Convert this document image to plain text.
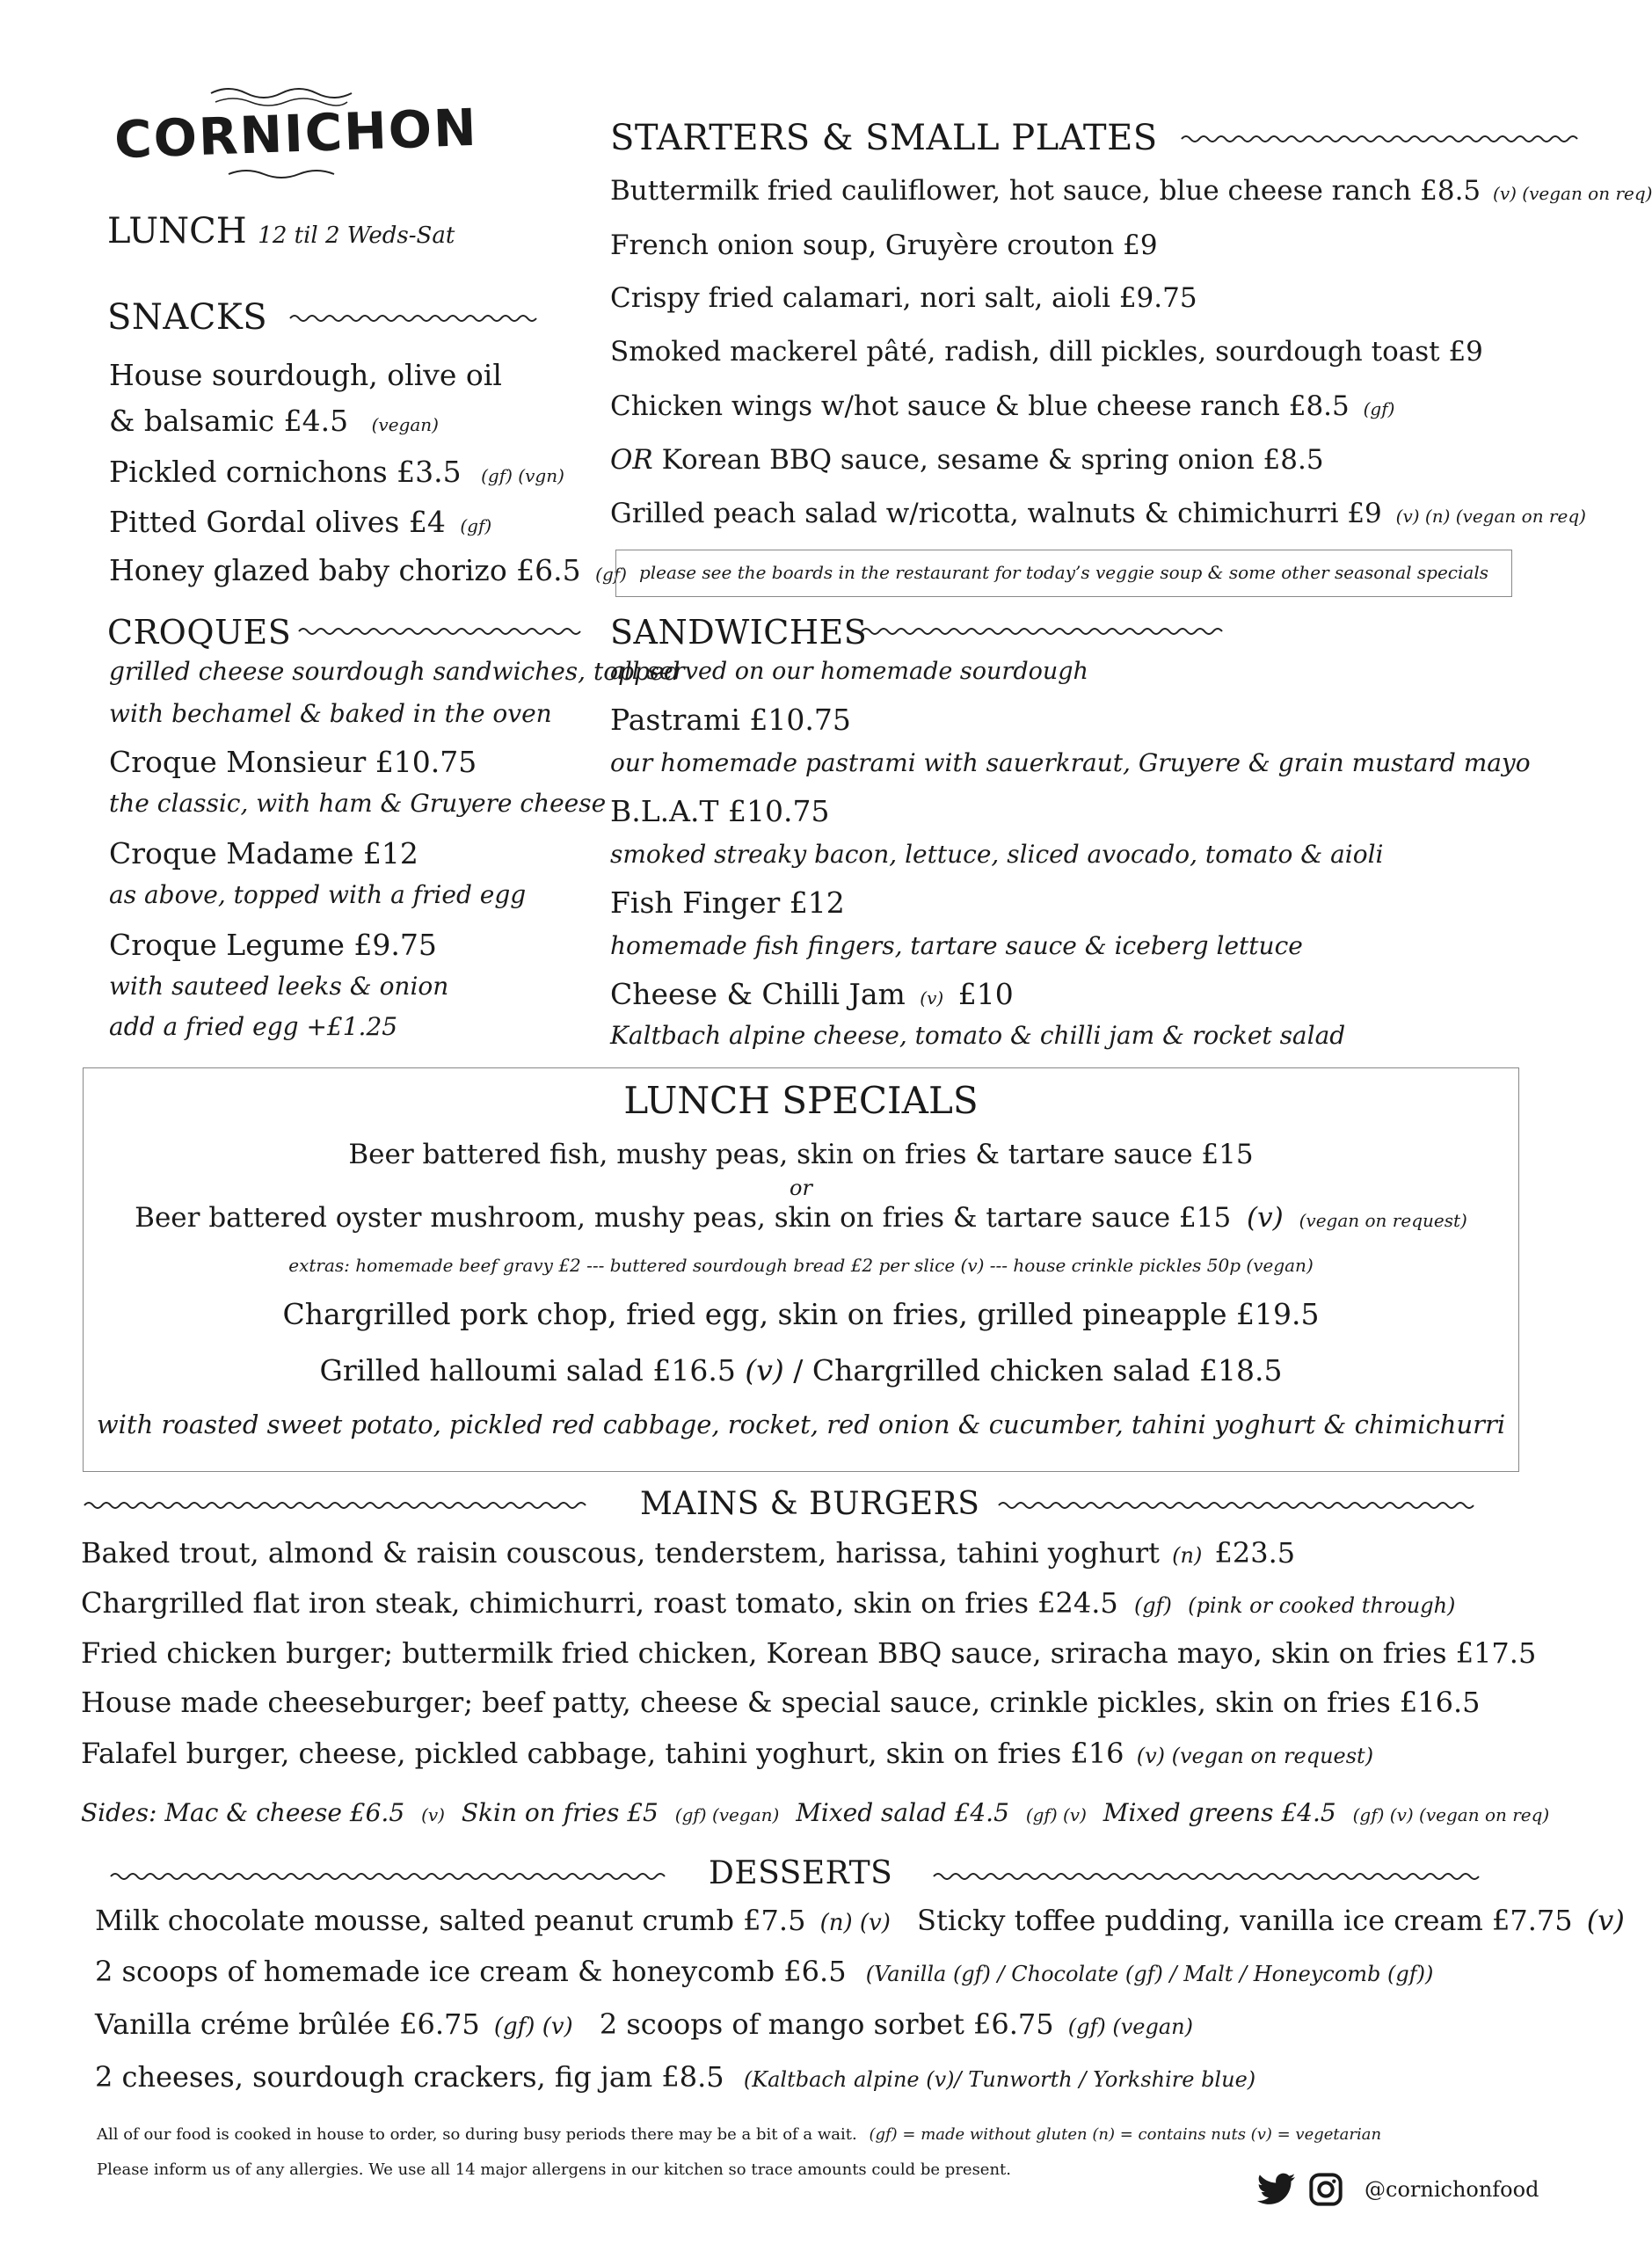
CORNICHON
LUNCH 12 til 2 Weds-Sat
SNACKS
House sourdough, olive oil
& balsamic £4.5 (vegan)
Pickled cornichons £3.5 (gf) (vgn)
Pitted Gordal olives £4 (gf)
Honey glazed baby chorizo £6.5 (gf)
CROQUES
grilled cheese sourdough sandwiches, topped
with bechamel & baked in the oven
Croque Monsieur £10.75
the classic, with ham & Gruyere cheese
Croque Madame £12
as above, topped with a fried egg
Croque Legume £9.75
with sauteed leeks & onion
add a fried egg +£1.25
STARTERS & SMALL PLATES
Buttermilk fried cauliflower, hot sauce, blue cheese ranch £8.5 (v) (vegan on req)
French onion soup, Gruyère crouton £9
Crispy fried calamari, nori salt, aioli £9.75
Smoked mackerel pâté, radish, dill pickles, sourdough toast £9
Chicken wings w/hot sauce & blue cheese ranch £8.5 (gf)
OR Korean BBQ sauce, sesame & spring onion £8.5
Grilled peach salad w/ricotta, walnuts & chimichurri £9 (v) (n) (vegan on req)
please see the boards in the restaurant for today’s veggie soup & some other seasonal specials
SANDWICHES
all served on our homemade sourdough
Pastrami £10.75
our homemade pastrami with sauerkraut, Gruyere & grain mustard mayo
B.L.A.T £10.75
smoked streaky bacon, lettuce, sliced avocado, tomato & aioli
Fish Finger £12
homemade fish fingers, tartare sauce & iceberg lettuce
Cheese & Chilli Jam (v) £10
Kaltbach alpine cheese, tomato & chilli jam & rocket salad
LUNCH SPECIALS
Beer battered fish, mushy peas, skin on fries & tartare sauce £15
or
Beer battered oyster mushroom, mushy peas, skin on fries & tartare sauce £15 (v) (vegan on request)
extras: homemade beef gravy £2 --- buttered sourdough bread £2 per slice (v) --- house crinkle pickles 50p (vegan)
Chargrilled pork chop, fried egg, skin on fries, grilled pineapple £19.5
Grilled halloumi salad £16.5 (v) / Chargrilled chicken salad £18.5
with roasted sweet potato, pickled red cabbage, rocket, red onion & cucumber, tahini yoghurt & chimichurri
MAINS & BURGERS
Baked trout, almond & raisin couscous, tenderstem, harissa, tahini yoghurt (n) £23.5
Chargrilled flat iron steak, chimichurri, roast tomato, skin on fries £24.5 (gf) (pink or cooked through)
Fried chicken burger; buttermilk fried chicken, Korean BBQ sauce, sriracha mayo, skin on fries £17.5
House made cheeseburger; beef patty, cheese & special sauce, crinkle pickles, skin on fries £16.5
Falafel burger, cheese, pickled cabbage, tahini yoghurt, skin on fries £16 (v) (vegan on request)
Sides: Mac & cheese £6.5 (v) Skin on fries £5 (gf) (vegan) Mixed salad £4.5 (gf) (v) Mixed greens £4.5 (gf) (v) (vegan on req)
DESSERTS
Milk chocolate mousse, salted peanut crumb £7.5 (n) (v) Sticky toffee pudding, vanilla ice cream £7.75 (v)
2 scoops of homemade ice cream & honeycomb £6.5 (Vanilla (gf) / Chocolate (gf) / Malt / Honeycomb (gf))
Vanilla créme brûlée £6.75 (gf) (v) 2 scoops of mango sorbet £6.75 (gf) (vegan)
2 cheeses, sourdough crackers, fig jam £8.5 (Kaltbach alpine (v)/ Tunworth / Yorkshire blue)
All of our food is cooked in house to order, so during busy periods there may be a bit of a wait. (gf) = made without gluten (n) = contains nuts (v) = vegetarian
Please inform us of any allergies. We use all 14 major allergens in our kitchen so trace amounts could be present.
@cornichonfood
